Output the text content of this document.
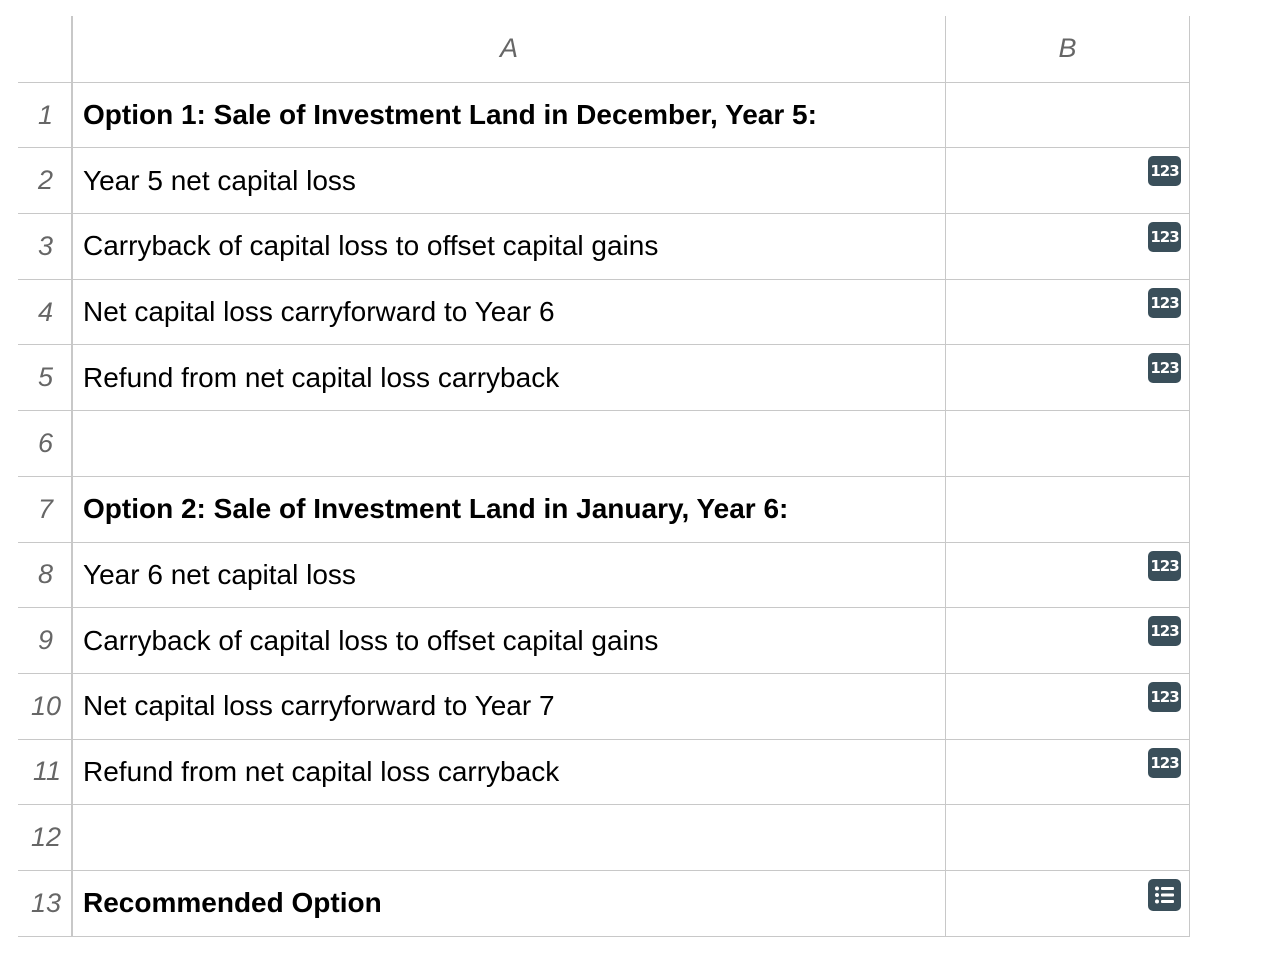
A	B
1	Option 1: Sale of Investment Land in December, Year 5:
2	Year 5 net capital loss	123
3	Carryback of capital loss to offset capital gains	123
4	Net capital loss carryforward to Year 6	123
5	Refund from net capital loss carryback	123
6
7	Option 2: Sale of Investment Land in January, Year 6:
8	Year 6 net capital loss	123
9	Carryback of capital loss to offset capital gains	123
10 Net capital loss carryforward to Year 7	123
11 Refund from net capital loss carryback	123
12
13 Recommended Option
